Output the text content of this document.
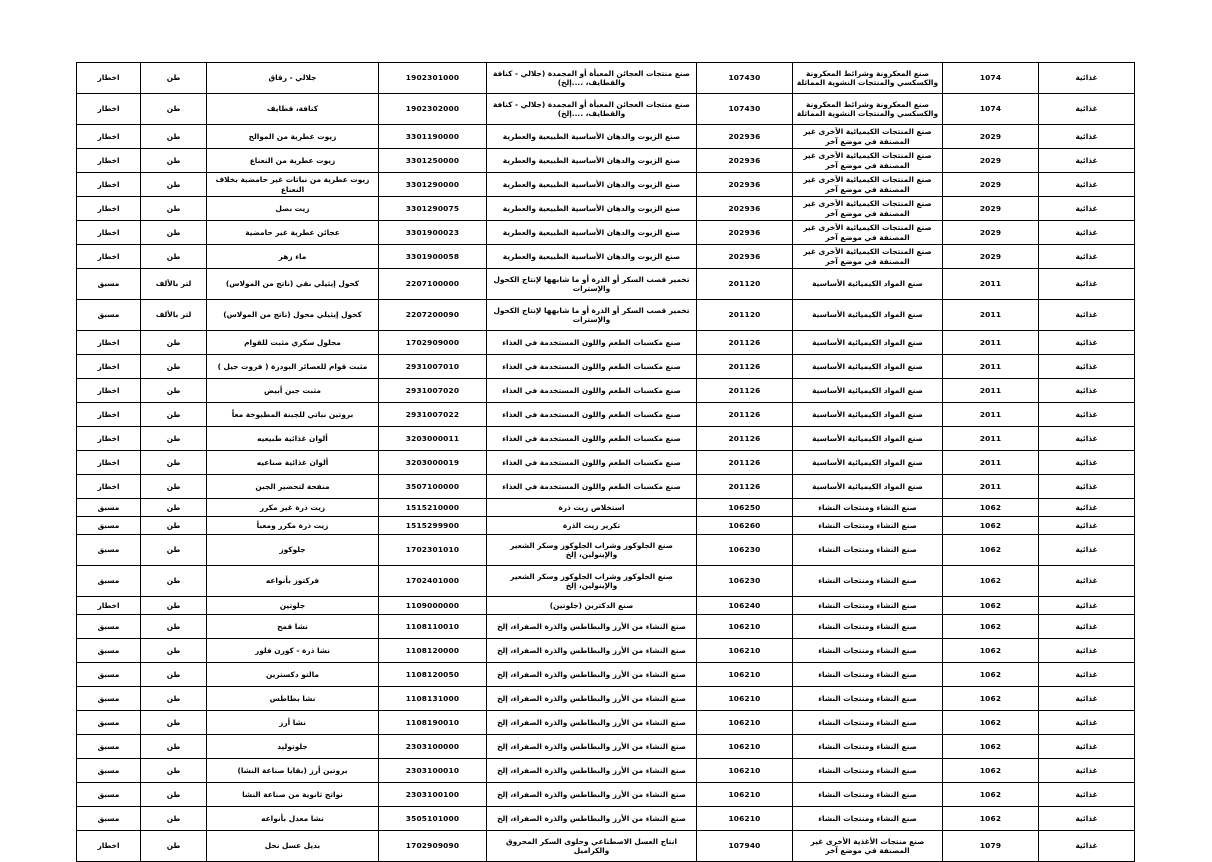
غذائية	1074	صنع المعكرونة وشرائط المعكرونة والكسكسي والمنتجات النشوية المماثلة	107430	صنع منتجات العجائن المعبأة أو المجمدة (جلالي - كنافة والقطايف، ....إلخ)	1902301000	جلالي - رقاق	طن	اخطار
غذائية	1074	صنع المعكرونة وشرائط المعكرونة والكسكسي والمنتجات النشوية المماثلة	107430	صنع منتجات العجائن المعبأة أو المجمدة (جلالي - كنافة والقطايف، ....إلخ)	1902302000	كنافة، قطايف	طن	اخطار
غذائية	2029	صنع المنتجات الكيميائية الأخرى غير المصنفة في موضع آخر	202936	صنع الزيوت والدهان الأساسية الطبيعية والعطرية	3301190000	زيوت عطرية من الموالح	طن	اخطار
غذائية	2029	صنع المنتجات الكيميائية الأخرى غير المصنفة في موضع آخر	202936	صنع الزيوت والدهان الأساسية الطبيعية والعطرية	3301250000	زيوت عطرية من النعناع	طن	اخطار
غذائية	2029	صنع المنتجات الكيميائية الأخرى غير المصنفة في موضع آخر	202936	صنع الزيوت والدهان الأساسية الطبيعية والعطرية	3301290000	زيوت عطرية من نباتات غير حامضية بخلاف النعناع	طن	اخطار
غذائية	2029	صنع المنتجات الكيميائية الأخرى غير المصنفة في موضع آخر	202936	صنع الزيوت والدهان الأساسية الطبيعية والعطرية	3301290075	زيت بصل	طن	اخطار
غذائية	2029	صنع المنتجات الكيميائية الأخرى غير المصنفة في موضع آخر	202936	صنع الزيوت والدهان الأساسية الطبيعية والعطرية	3301900023	عجائن عطرية غير حامضية	طن	اخطار
غذائية	2029	صنع المنتجات الكيميائية الأخرى غير المصنفة في موضع آخر	202936	صنع الزيوت والدهان الأساسية الطبيعية والعطرية	3301900058	ماء زهر	طن	اخطار
غذائية	2011	صنع المواد الكيميائية الأساسية	201120	تخمير قصب السكر أو الذرة أو ما شابهها لإنتاج الكحول والإسترات	2207100000	كحول إيثيلي نقي (ناتج من المولاس)	لتر بالألف	مسبق
غذائية	2011	صنع المواد الكيميائية الأساسية	201120	تخمير قصب السكر أو الذرة أو ما شابهها لإنتاج الكحول والإسترات	2207200090	كحول إيثيلي محول (ناتج من المولاس)	لتر بالألف	مسبق
غذائية	2011	صنع المواد الكيميائية الأساسية	201126	صنع مكسبات الطعم واللون المستخدمة في الغذاء	1702909000	محلول سكري مثبت للقوام	طن	اخطار
غذائية	2011	صنع المواد الكيميائية الأساسية	201126	صنع مكسبات الطعم واللون المستخدمة في الغذاء	2931007010	مثبت قوام للعصائر البودرة ( فروت جيل )	طن	اخطار
غذائية	2011	صنع المواد الكيميائية الأساسية	201126	صنع مكسبات الطعم واللون المستخدمة في الغذاء	2931007020	مثبت جبن أبيض	طن	اخطار
غذائية	2011	صنع المواد الكيميائية الأساسية	201126	صنع مكسبات الطعم واللون المستخدمة في الغذاء	2931007022	بروتين نباتي للجبنة المطبوخة معاً	طن	اخطار
غذائية	2011	صنع المواد الكيميائية الأساسية	201126	صنع مكسبات الطعم واللون المستخدمة في الغذاء	3203000011	ألوان غذائية طبيعيه	طن	اخطار
غذائية	2011	صنع المواد الكيميائية الأساسية	201126	صنع مكسبات الطعم واللون المستخدمة في الغذاء	3203000019	ألوان غذائية صناعيه	طن	اخطار
غذائية	2011	صنع المواد الكيميائية الأساسية	201126	صنع مكسبات الطعم واللون المستخدمة في الغذاء	3507100000	منفحة لتحضير الجبن	طن	اخطار
غذائية	1062	صنع النشاء ومنتجات النشاء	106250	استخلاص زيت ذرة	1515210000	زيت ذرة غير مكرر	طن	مسبق
غذائية	1062	صنع النشاء ومنتجات النشاء	106260	تكرير زيت الذرة	1515299900	زيت ذرة مكرر ومعبأ	طن	مسبق
غذائية	1062	صنع النشاء ومنتجات النشاء	106230	صنع الجلوكوز وشراب الجلوكوز وسكر الشعير والإينولين، إلخ	1702301010	جلوكوز	طن	مسبق
غذائية	1062	صنع النشاء ومنتجات النشاء	106230	صنع الجلوكوز وشراب الجلوكوز وسكر الشعير والإينولين، إلخ	1702401000	فركتوز بأنواعه	طن	مسبق
غذائية	1062	صنع النشاء ومنتجات النشاء	106240	صنع الدكترين (جلوتين)	1109000000	جلوتين	طن	اخطار
غذائية	1062	صنع النشاء ومنتجات النشاء	106210	صنع النشاء من الأرز والبطاطس والذرة الصفراء، إلخ	1108110010	نشا قمح	طن	مسبق
غذائية	1062	صنع النشاء ومنتجات النشاء	106210	صنع النشاء من الأرز والبطاطس والذرة الصفراء، إلخ	1108120000	نشا ذرة - كورن فلور	طن	مسبق
غذائية	1062	صنع النشاء ومنتجات النشاء	106210	صنع النشاء من الأرز والبطاطس والذرة الصفراء، إلخ	1108120050	مالتو دكسترين	طن	مسبق
غذائية	1062	صنع النشاء ومنتجات النشاء	106210	صنع النشاء من الأرز والبطاطس والذرة الصفراء، إلخ	1108131000	نشا بطاطس	طن	مسبق
غذائية	1062	صنع النشاء ومنتجات النشاء	106210	صنع النشاء من الأرز والبطاطس والذرة الصفراء، إلخ	1108190010	نشا أرز	طن	مسبق
غذائية	1062	صنع النشاء ومنتجات النشاء	106210	صنع النشاء من الأرز والبطاطس والذرة الصفراء، إلخ	2303100000	جلوتوليد	طن	مسبق
غذائية	1062	صنع النشاء ومنتجات النشاء	106210	صنع النشاء من الأرز والبطاطس والذرة الصفراء، إلخ	2303100010	بروتين أرز (بقايا صناعة النشا)	طن	مسبق
غذائية	1062	صنع النشاء ومنتجات النشاء	106210	صنع النشاء من الأرز والبطاطس والذرة الصفراء، إلخ	2303100100	نواتج ثانوية من صناعة النشا	طن	مسبق
غذائية	1062	صنع النشاء ومنتجات النشاء	106210	صنع النشاء من الأرز والبطاطس والذرة الصفراء، إلخ	3505101000	نشا معدل بأنواعه	طن	مسبق
غذائية	1079	صنع منتجات الأغذية الأخرى غير المصنفة في موضع آخر	107940	انتاج العسل الاصطناعي وحلوى السكر المحروق والكراميل	1702909090	بديل عسل نحل	طن	اخطار
